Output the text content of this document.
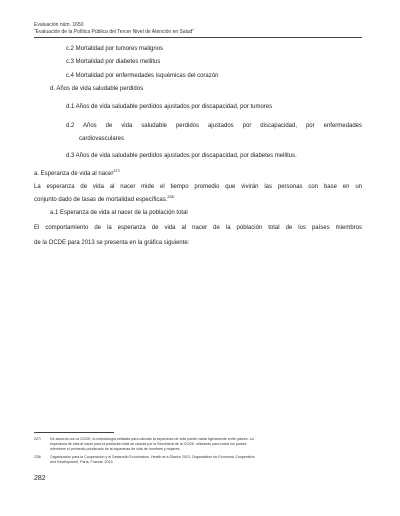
Evaluación núm. 1650
“Evaluación de la Política Pública del Tercer Nivel de Atención en Salud”
c.2 Mortalidad por tumores malignos
c.3 Mortalidad por diabetes mellitus
c.4 Mortalidad por enfermedades isquémicas del corazón
d. Años de vida saludable perdidos
d.1 Años de vida saludable perdidos ajustados por discapacidad, por tumores
d.2 Años de vida saludable perdidos ajustados por discapacidad, por enfermedades
cardiovasculares
d.3 Años de vida saludable perdidos ajustados por discapacidad, por diabetes mellitus.
a. Esperanza de vida al nacer$^{227/}$
La esperanza de vida al nacer mide el tiempo promedio que vivirán las personas con base en un
conjunto dado de tasas de mortalidad específicas.$^{228/}$
a.1 Esperanza de vida al nacer de la población total
El comportamiento de la esperanza de vida al nacer de la población total de los países miembros
de la OCDE para 2013 se presenta en la gráfica siguiente:
227/	De acuerdo con la OCDE, la metodología utilizada para calcular la esperanza de vida puede variar ligeramente entre países. La
esperanza de vida al nacer para la población total se calcula por la Secretaría de la OCDE, utilizando para todos los países
miembros el promedio ponderado de la esperanza de vida de hombres y mujeres.
228/	Organización para la Cooperación y el Desarrollo Económicos. Health at a Glance 2013, Organization for Economic Cooperation
and Development, París, Francia, 2013.
282
